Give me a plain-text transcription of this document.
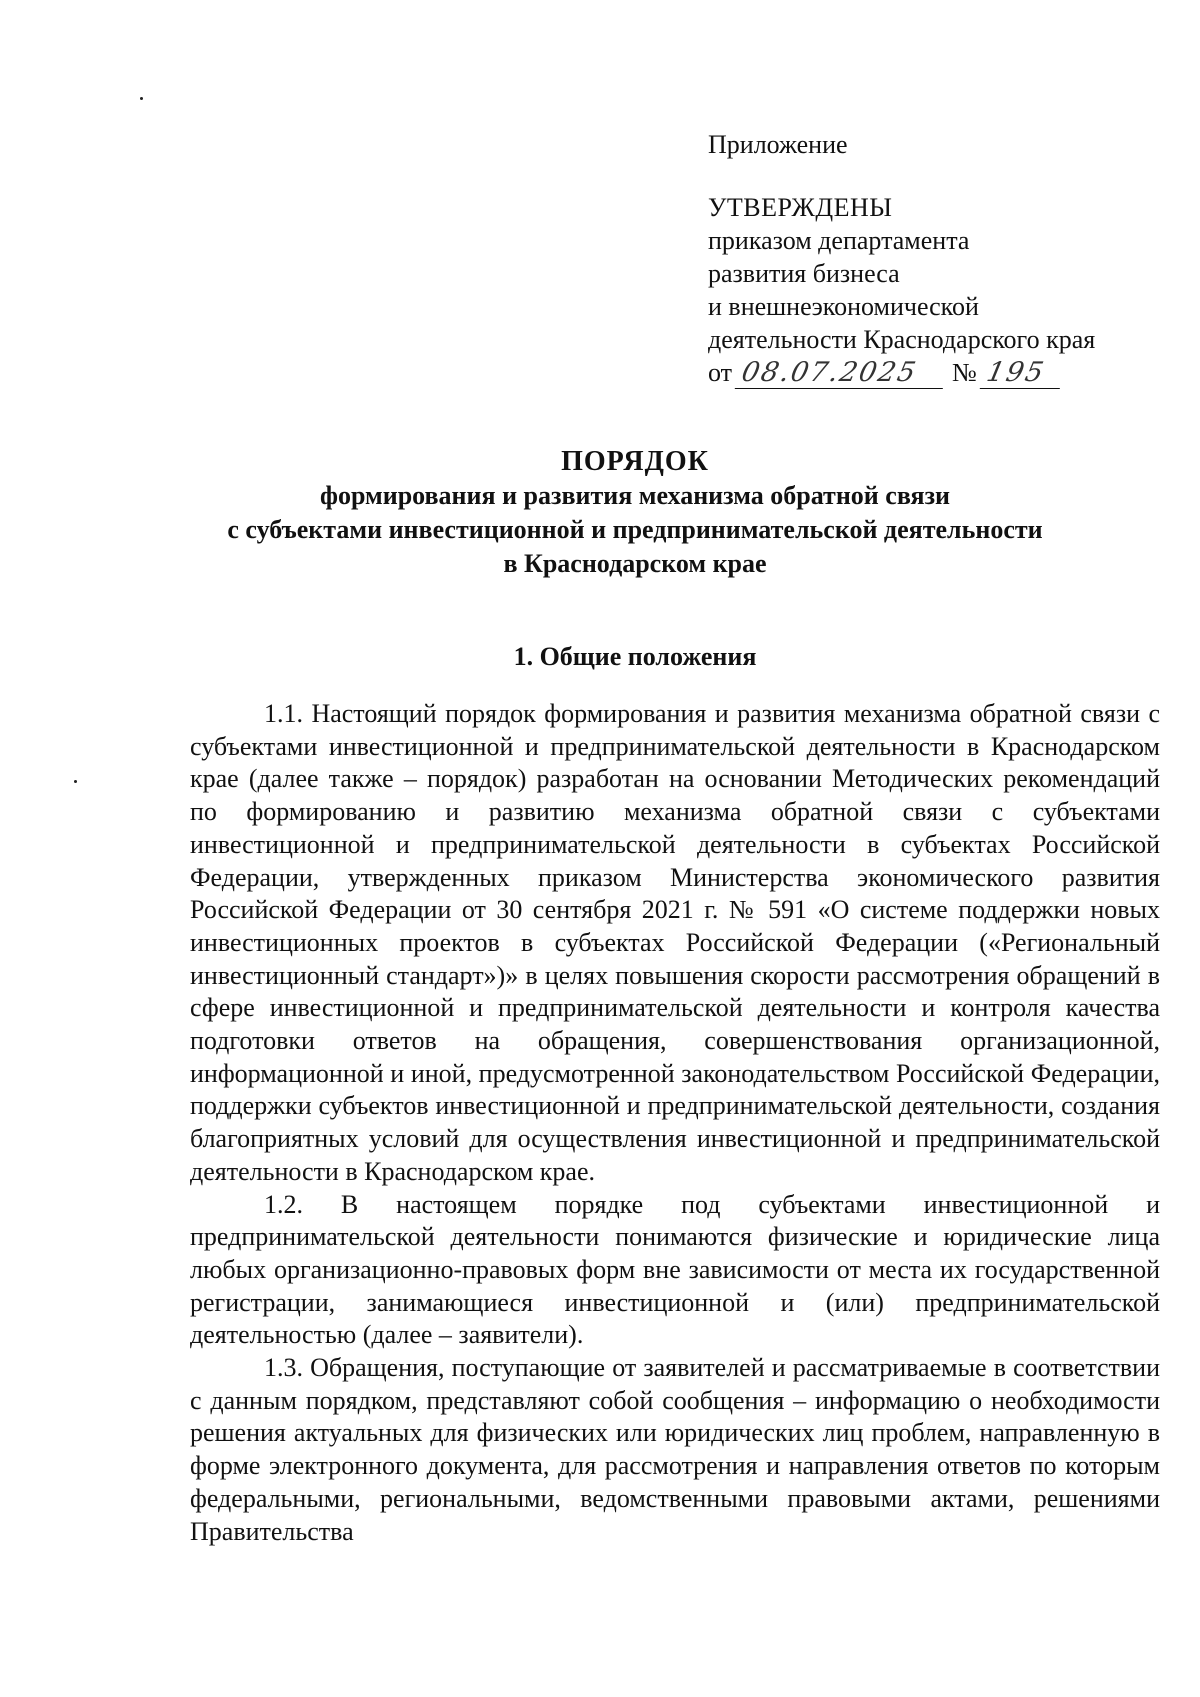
Приложение
УТВЕРЖДЕНЫ
приказом департамента
развития бизнеса
и внешнеэкономической
деятельности Краснодарского края
от 08.07.2025	№ 195
ПОРЯДОК
формирования и развития механизма обратной связи
с субъектами инвестиционной и предпринимательской деятельности
в Краснодарском крае
1. Общие положения

1.1. Настоящий порядок формирования и развития механизма обратной связи с субъектами инвестиционной и предпринимательской деятельности в Краснодарском крае (далее также – порядок) разработан на основании Методических рекомендаций по формированию и развитию механизма обратной связи с субъектами инвестиционной и предпринимательской деятельности в субъектах Российской Федерации, утвержденных приказом Министерства экономического развития Российской Федерации от 30 сентября 2021 г. № 591 «О системе поддержки новых инвестиционных проектов в субъектах Российской Федерации («Региональный инвестиционный стандарт»)» в целях повышения скорости рассмотрения обращений в сфере инвестиционной и предпринимательской деятельности и контроля качества подготовки ответов на обращения, совершенствования организационной, информационной и иной, предусмотренной законодательством Российской Федерации, поддержки субъектов инвестиционной и предпринимательской деятельности, создания благоприятных условий для осуществления инвестиционной и предпринимательской деятельности в Краснодарском крае.

1.2. В настоящем порядке под субъектами инвестиционной и предпринимательской деятельности понимаются физические и юридические лица любых организационно-правовых форм вне зависимости от места их государственной регистрации, занимающиеся инвестиционной и (или) предпринимательской деятельностью (далее – заявители).

1.3. Обращения, поступающие от заявителей и рассматриваемые в соответствии с данным порядком, представляют собой сообщения – информацию о необходимости решения актуальных для физических или юридических лиц проблем, направленную в форме электронного документа, для рассмотрения и направления ответов по которым федеральными, региональными, ведомственными правовыми актами, решениями Правительства
